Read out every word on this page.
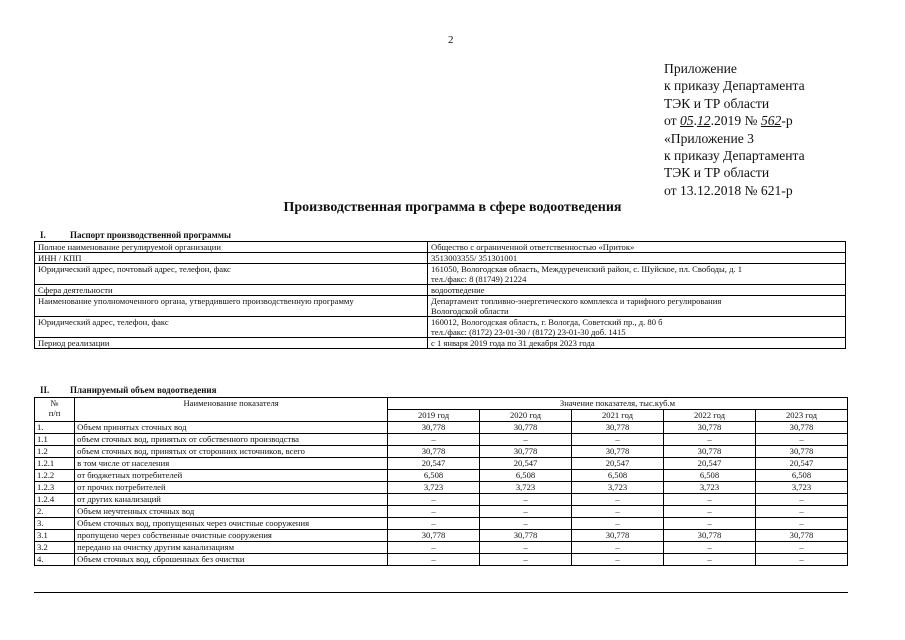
2
Приложение
к приказу Департамента
ТЭК и ТР области
от 05.12.2019 № 562-р
«Приложение 3
к приказу Департамента
ТЭК и ТР области
от 13.12.2018 № 621-р
Производственная программа в сфере водоотведения
I.	Паспорт производственной программы
Полное наименование регулируемой организации	Общество с ограниченной ответственностью «Приток»

ИНН / КПП	3513003355/ 351301001

Юридический адрес, почтовый адрес, телефон, факс	161050, Вологодская область, Междуреченский район, с. Шуйское, пл. Свободы, д. 1
тел./факс: 8 (81749) 21224

Сфера деятельности	водоотведение

Наименование уполномоченного органа, утвердившего производственную программу	Департамент топливно-энергетического комплекса и тарифного регулирования
Вологодской области

Юридический адрес, телефон, факс	160012, Вологодская область, г. Вологда, Советский пр., д. 80 б
тел./факс: (8172) 23-01-30 / (8172) 23-01-30 доб. 1415

Период реализации	с 1 января 2019 года по 31 декабря 2023 года
II. Планируемый объем водоотведения
№
п/п	Наименование показателя	Значение показателя, тыс.куб.м				
		2019 год	2020 год	2021 год	2022 год	2023 год
1.	Объем принятых сточных вод	30,778	30,778	30,778	30,778	30,778
1.1	объем сточных вод, принятых от собственного производства	–	–	–	–	–
1.2	объем сточных вод, принятых от сторонних источников, всего	30,778	30,778	30,778	30,778	30,778
1.2.1	в том числе от населения	20,547	20,547	20,547	20,547	20,547
1.2.2	от бюджетных потребителей	6,508	6,508	6,508	6,508	6,508
1.2.3	от прочих потребителей	3,723	3,723	3,723	3,723	3,723
1.2.4	от других канализаций	–	–	–	–	–
2.	Объем неучтенных сточных вод	–	–	–	–	–
3.	Объем сточных вод, пропущенных через очистные сооружения	–	–	–	–	–
3.1	пропущено через собственные очистные сооружения	30,778	30,778	30,778	30,778	30,778
3.2	передано на очистку другим канализациям	–	–	–	–	–
4.	Объем сточных вод, сброшенных без очистки	–	–	–	–	–
